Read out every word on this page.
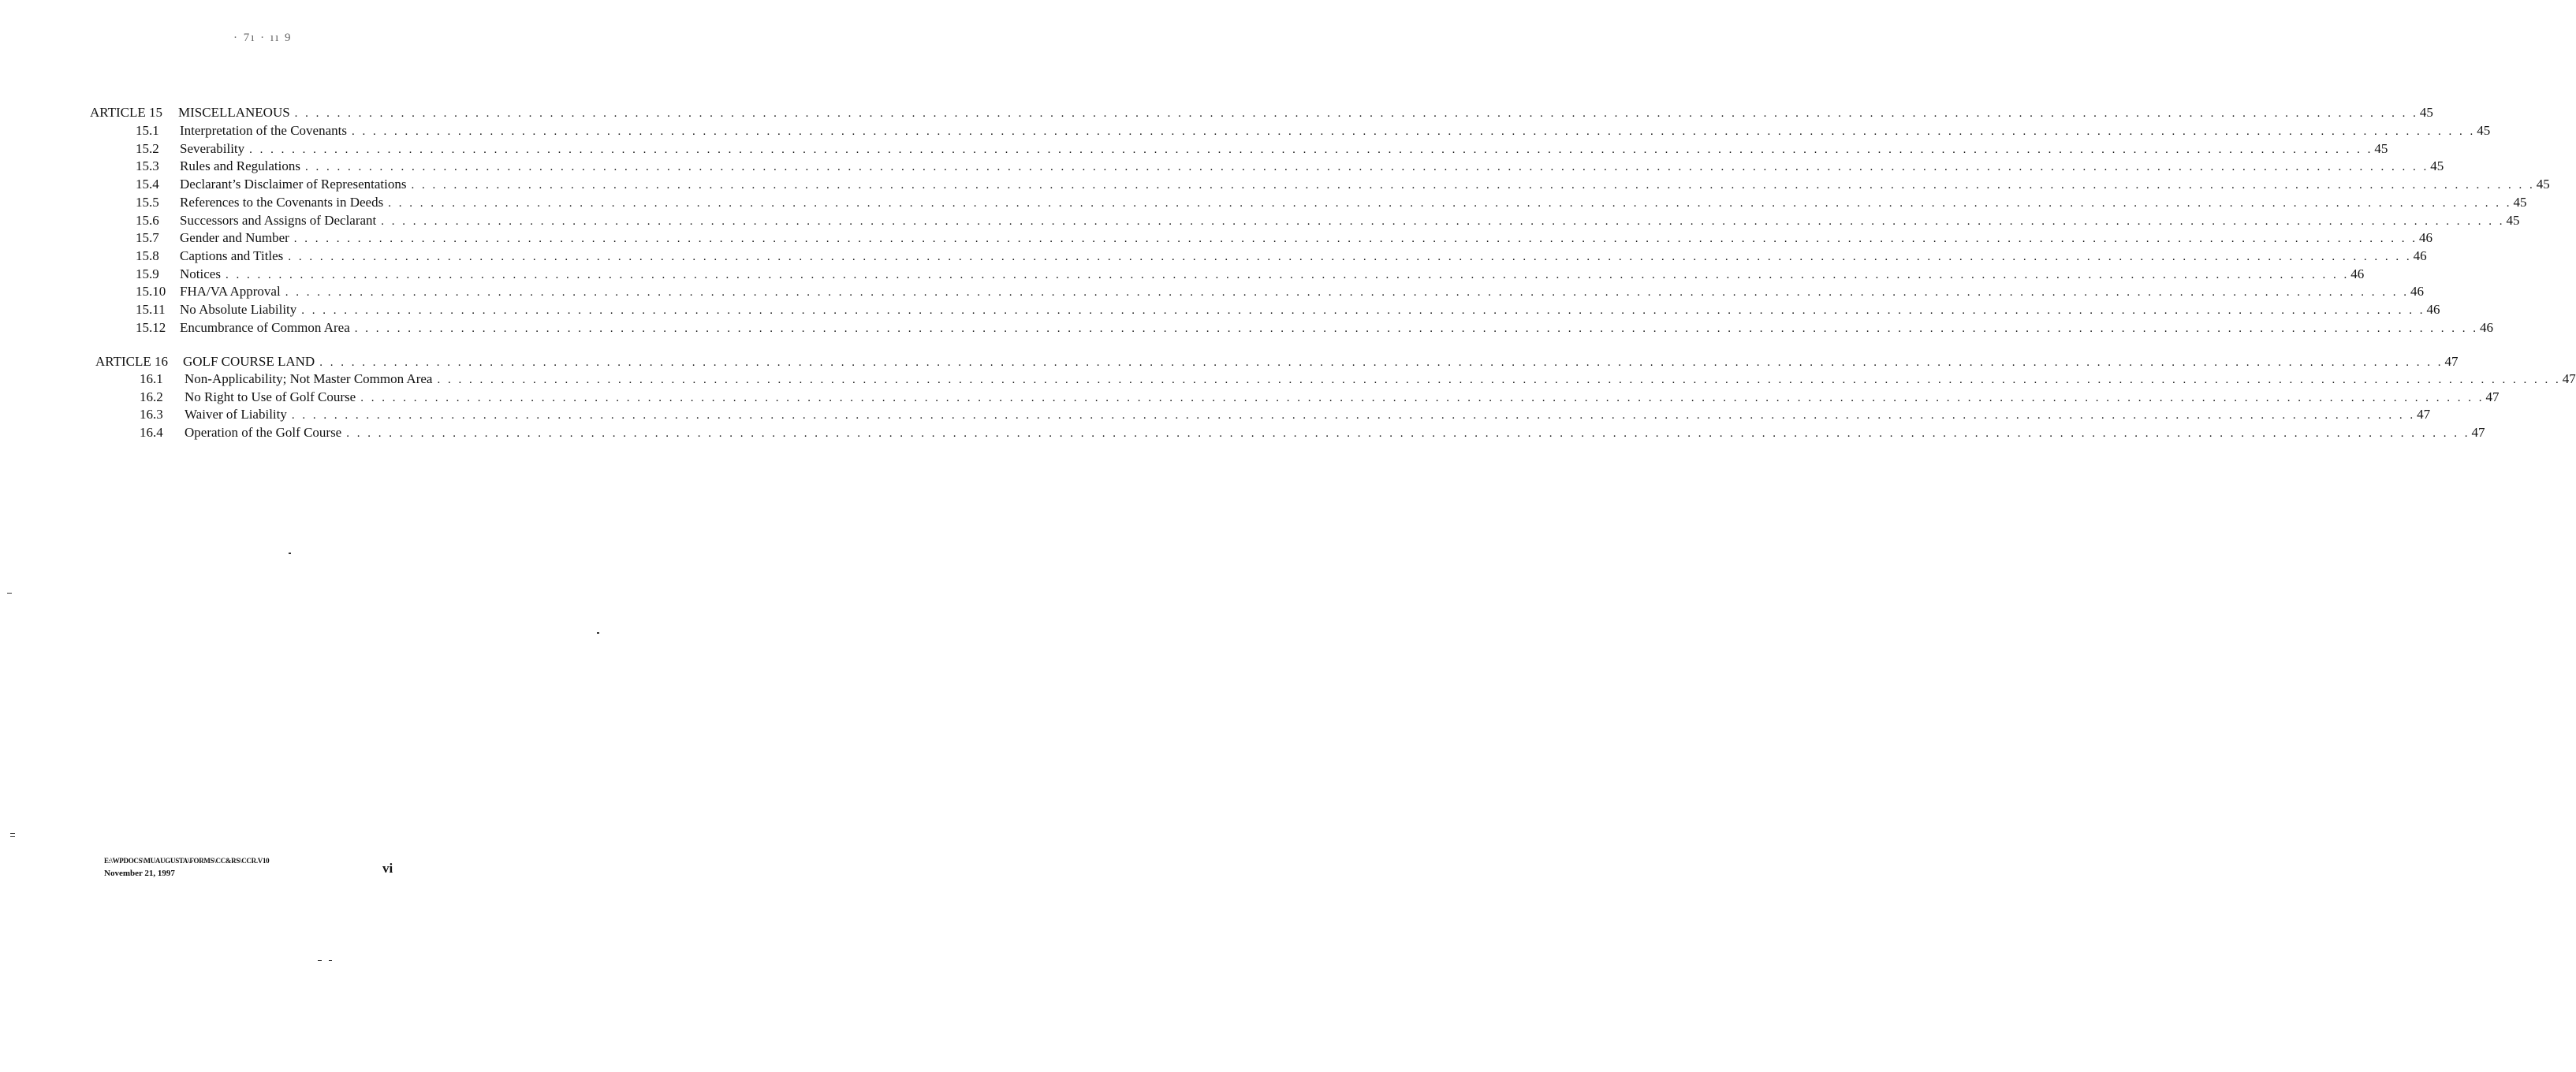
· 7ı · ıı 9
ARTICLE 15	MISCELLANEOUS . . . . . . . . . . . . . . . . . . . . . . . . . . . . . . . . . . . . . . . . . . . . . . . . . . . . . . . . . . . . . . . . . . . . . . . . . . . . . . . . . . . . . . . . . . . . . . . . . . . . . . . . . . . . . . . . . . . . . . . . . . . . . . . . . . . . . . . . . . . . . . . . . . . . . . . . . . . . . . . . . . . . . . . . . . . . . . . . . . . . . . . . . . . . . . . . . . . . . . . . 45
15.1	Interpretation of the Covenants . . . . . . . . . . . . . . . . . . . . . . . . . . . . . . . . . . . . . . . . . . . . . . . . . . . . . . . . . . . . . . . . . . . . . . . . . . . . . . . . . . . . . . . . . . . . . . . . . . . . . . . . . . . . . . . . . . . . . . . . . . . . . . . . . . . . . . . . . . . . . . . . . . . . . . . . . . . . . . . . . . . . . . . . . . . . . . . . . . . . . . . . . . . . . . . . . . . . . . . . 45
15.2	Severability . . . . . . . . . . . . . . . . . . . . . . . . . . . . . . . . . . . . . . . . . . . . . . . . . . . . . . . . . . . . . . . . . . . . . . . . . . . . . . . . . . . . . . . . . . . . . . . . . . . . . . . . . . . . . . . . . . . . . . . . . . . . . . . . . . . . . . . . . . . . . . . . . . . . . . . . . . . . . . . . . . . . . . . . . . . . . . . . . . . . . . . . . . . . . . . . . . . . . . . . 45
15.3	Rules and Regulations . . . . . . . . . . . . . . . . . . . . . . . . . . . . . . . . . . . . . . . . . . . . . . . . . . . . . . . . . . . . . . . . . . . . . . . . . . . . . . . . . . . . . . . . . . . . . . . . . . . . . . . . . . . . . . . . . . . . . . . . . . . . . . . . . . . . . . . . . . . . . . . . . . . . . . . . . . . . . . . . . . . . . . . . . . . . . . . . . . . . . . . . . . . . . . . . . . . . . . . . 45
15.4	Declarant’s Disclaimer of Representations . . . . . . . . . . . . . . . . . . . . . . . . . . . . . . . . . . . . . . . . . . . . . . . . . . . . . . . . . . . . . . . . . . . . . . . . . . . . . . . . . . . . . . . . . . . . . . . . . . . . . . . . . . . . . . . . . . . . . . . . . . . . . . . . . . . . . . . . . . . . . . . . . . . . . . . . . . . . . . . . . . . . . . . . . . . . . . . . . . . . . . . . . . . . . . . . . . . . . . . . 45
15.5	References to the Covenants in Deeds . . . . . . . . . . . . . . . . . . . . . . . . . . . . . . . . . . . . . . . . . . . . . . . . . . . . . . . . . . . . . . . . . . . . . . . . . . . . . . . . . . . . . . . . . . . . . . . . . . . . . . . . . . . . . . . . . . . . . . . . . . . . . . . . . . . . . . . . . . . . . . . . . . . . . . . . . . . . . . . . . . . . . . . . . . . . . . . . . . . . . . . . . . . . . . . . . . . . . . . . 45
15.6	Successors and Assigns of Declarant . . . . . . . . . . . . . . . . . . . . . . . . . . . . . . . . . . . . . . . . . . . . . . . . . . . . . . . . . . . . . . . . . . . . . . . . . . . . . . . . . . . . . . . . . . . . . . . . . . . . . . . . . . . . . . . . . . . . . . . . . . . . . . . . . . . . . . . . . . . . . . . . . . . . . . . . . . . . . . . . . . . . . . . . . . . . . . . . . . . . . . . . . . . . . . . . . . . . . . . . 45
15.7	Gender and Number . . . . . . . . . . . . . . . . . . . . . . . . . . . . . . . . . . . . . . . . . . . . . . . . . . . . . . . . . . . . . . . . . . . . . . . . . . . . . . . . . . . . . . . . . . . . . . . . . . . . . . . . . . . . . . . . . . . . . . . . . . . . . . . . . . . . . . . . . . . . . . . . . . . . . . . . . . . . . . . . . . . . . . . . . . . . . . . . . . . . . . . . . . . . . . . . . . . . . . . . 46
15.8	Captions and Titles . . . . . . . . . . . . . . . . . . . . . . . . . . . . . . . . . . . . . . . . . . . . . . . . . . . . . . . . . . . . . . . . . . . . . . . . . . . . . . . . . . . . . . . . . . . . . . . . . . . . . . . . . . . . . . . . . . . . . . . . . . . . . . . . . . . . . . . . . . . . . . . . . . . . . . . . . . . . . . . . . . . . . . . . . . . . . . . . . . . . . . . . . . . . . . . . . . . . . . . . 46
15.9	Notices . . . . . . . . . . . . . . . . . . . . . . . . . . . . . . . . . . . . . . . . . . . . . . . . . . . . . . . . . . . . . . . . . . . . . . . . . . . . . . . . . . . . . . . . . . . . . . . . . . . . . . . . . . . . . . . . . . . . . . . . . . . . . . . . . . . . . . . . . . . . . . . . . . . . . . . . . . . . . . . . . . . . . . . . . . . . . . . . . . . . . . . . . . . . . . . . . . . . . . . . 46
15.10	FHA/VA Approval . . . . . . . . . . . . . . . . . . . . . . . . . . . . . . . . . . . . . . . . . . . . . . . . . . . . . . . . . . . . . . . . . . . . . . . . . . . . . . . . . . . . . . . . . . . . . . . . . . . . . . . . . . . . . . . . . . . . . . . . . . . . . . . . . . . . . . . . . . . . . . . . . . . . . . . . . . . . . . . . . . . . . . . . . . . . . . . . . . . . . . . . . . . . . . . . . . . . . . . . 46
15.11	No Absolute Liability . . . . . . . . . . . . . . . . . . . . . . . . . . . . . . . . . . . . . . . . . . . . . . . . . . . . . . . . . . . . . . . . . . . . . . . . . . . . . . . . . . . . . . . . . . . . . . . . . . . . . . . . . . . . . . . . . . . . . . . . . . . . . . . . . . . . . . . . . . . . . . . . . . . . . . . . . . . . . . . . . . . . . . . . . . . . . . . . . . . . . . . . . . . . . . . . . . . . . . . . 46
15.12	Encumbrance of Common Area . . . . . . . . . . . . . . . . . . . . . . . . . . . . . . . . . . . . . . . . . . . . . . . . . . . . . . . . . . . . . . . . . . . . . . . . . . . . . . . . . . . . . . . . . . . . . . . . . . . . . . . . . . . . . . . . . . . . . . . . . . . . . . . . . . . . . . . . . . . . . . . . . . . . . . . . . . . . . . . . . . . . . . . . . . . . . . . . . . . . . . . . . . . . . . . . . . . . . . . . 46
ARTICLE 16	GOLF COURSE LAND . . . . . . . . . . . . . . . . . . . . . . . . . . . . . . . . . . . . . . . . . . . . . . . . . . . . . . . . . . . . . . . . . . . . . . . . . . . . . . . . . . . . . . . . . . . . . . . . . . . . . . . . . . . . . . . . . . . . . . . . . . . . . . . . . . . . . . . . . . . . . . . . . . . . . . . . . . . . . . . . . . . . . . . . . . . . . . . . . . . . . . . . . . . . . . . . . . . . . . . . 47
16.1	Non-Applicability; Not Master Common Area . . . . . . . . . . . . . . . . . . . . . . . . . . . . . . . . . . . . . . . . . . . . . . . . . . . . . . . . . . . . . . . . . . . . . . . . . . . . . . . . . . . . . . . . . . . . . . . . . . . . . . . . . . . . . . . . . . . . . . . . . . . . . . . . . . . . . . . . . . . . . . . . . . . . . . . . . . . . . . . . . . . . . . . . . . . . . . . . . . . . . . . . . . . . . . . . . . . . . . . . 47
16.2	No Right to Use of Golf Course . . . . . . . . . . . . . . . . . . . . . . . . . . . . . . . . . . . . . . . . . . . . . . . . . . . . . . . . . . . . . . . . . . . . . . . . . . . . . . . . . . . . . . . . . . . . . . . . . . . . . . . . . . . . . . . . . . . . . . . . . . . . . . . . . . . . . . . . . . . . . . . . . . . . . . . . . . . . . . . . . . . . . . . . . . . . . . . . . . . . . . . . . . . . . . . . . . . . . . . . 47
16.3	Waiver of Liability . . . . . . . . . . . . . . . . . . . . . . . . . . . . . . . . . . . . . . . . . . . . . . . . . . . . . . . . . . . . . . . . . . . . . . . . . . . . . . . . . . . . . . . . . . . . . . . . . . . . . . . . . . . . . . . . . . . . . . . . . . . . . . . . . . . . . . . . . . . . . . . . . . . . . . . . . . . . . . . . . . . . . . . . . . . . . . . . . . . . . . . . . . . . . . . . . . . . . . . . 47
16.4	Operation of the Golf Course . . . . . . . . . . . . . . . . . . . . . . . . . . . . . . . . . . . . . . . . . . . . . . . . . . . . . . . . . . . . . . . . . . . . . . . . . . . . . . . . . . . . . . . . . . . . . . . . . . . . . . . . . . . . . . . . . . . . . . . . . . . . . . . . . . . . . . . . . . . . . . . . . . . . . . . . . . . . . . . . . . . . . . . . . . . . . . . . . . . . . . . . . . . . . . . . . . . . . . . . 47
E:\WPDOCS\MUAUGUSTA\FORMS\CC&RS\CCR.V10
November 21, 1997	vi
